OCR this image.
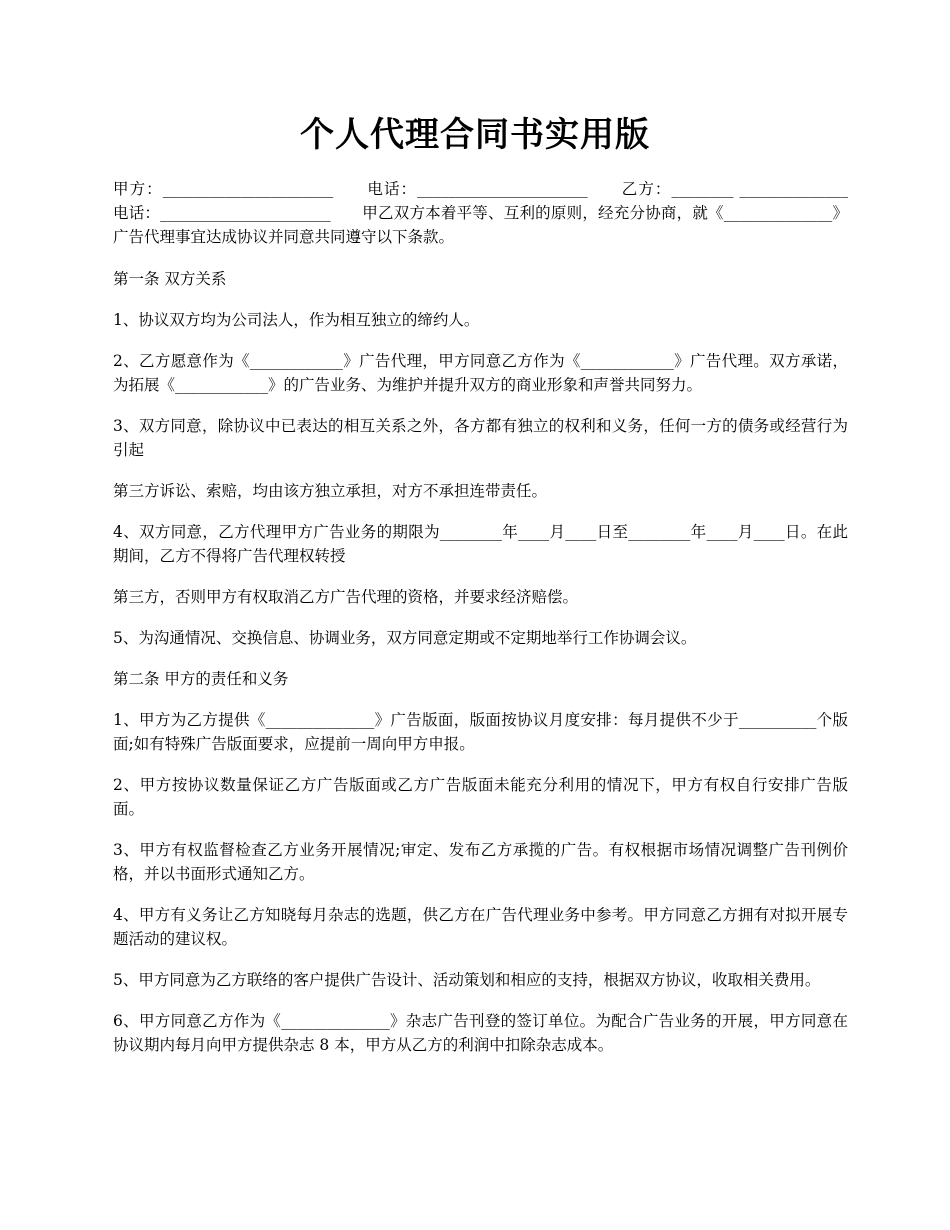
个人代理合同书实用版

甲方：______________________　　电话：______________________　　乙方：________ ______________　　电话：______________________　　甲乙双方本着平等、互利的原则，经充分协商，就《______________》广告代理事宜达成协议并同意共同遵守以下条款。

第一条 双方关系

1、协议双方均为公司法人，作为相互独立的缔约人。

2、乙方愿意作为《____________》广告代理，甲方同意乙方作为《____________》广告代理。双方承诺，为拓展《____________》的广告业务、为维护并提升双方的商业形象和声誉共同努力。

3、双方同意，除协议中已表达的相互关系之外，各方都有独立的权利和义务，任何一方的债务或经营行为引起

第三方诉讼、索赔，均由该方独立承担，对方不承担连带责任。

4、双方同意，乙方代理甲方广告业务的期限为________年____月____日至________年____月____日。在此期间，乙方不得将广告代理权转授

第三方，否则甲方有权取消乙方广告代理的资格，并要求经济赔偿。

5、为沟通情况、交换信息、协调业务，双方同意定期或不定期地举行工作协调会议。

第二条 甲方的责任和义务

1、甲方为乙方提供《______________》广告版面，版面按协议月度安排：每月提供不少于__________个版面;如有特殊广告版面要求，应提前一周向甲方申报。

2、甲方按协议数量保证乙方广告版面或乙方广告版面未能充分利用的情况下，甲方有权自行安排广告版面。

3、甲方有权监督检查乙方业务开展情况;审定、发布乙方承揽的广告。有权根据市场情况调整广告刊例价格，并以书面形式通知乙方。

4、甲方有义务让乙方知晓每月杂志的选题，供乙方在广告代理业务中参考。甲方同意乙方拥有对拟开展专题活动的建议权。

5、甲方同意为乙方联络的客户提供广告设计、活动策划和相应的支持，根据双方协议，收取相关费用。

6、甲方同意乙方作为《______________》杂志广告刊登的签订单位。为配合广告业务的开展，甲方同意在协议期内每月向甲方提供杂志 8 本，甲方从乙方的利润中扣除杂志成本。
